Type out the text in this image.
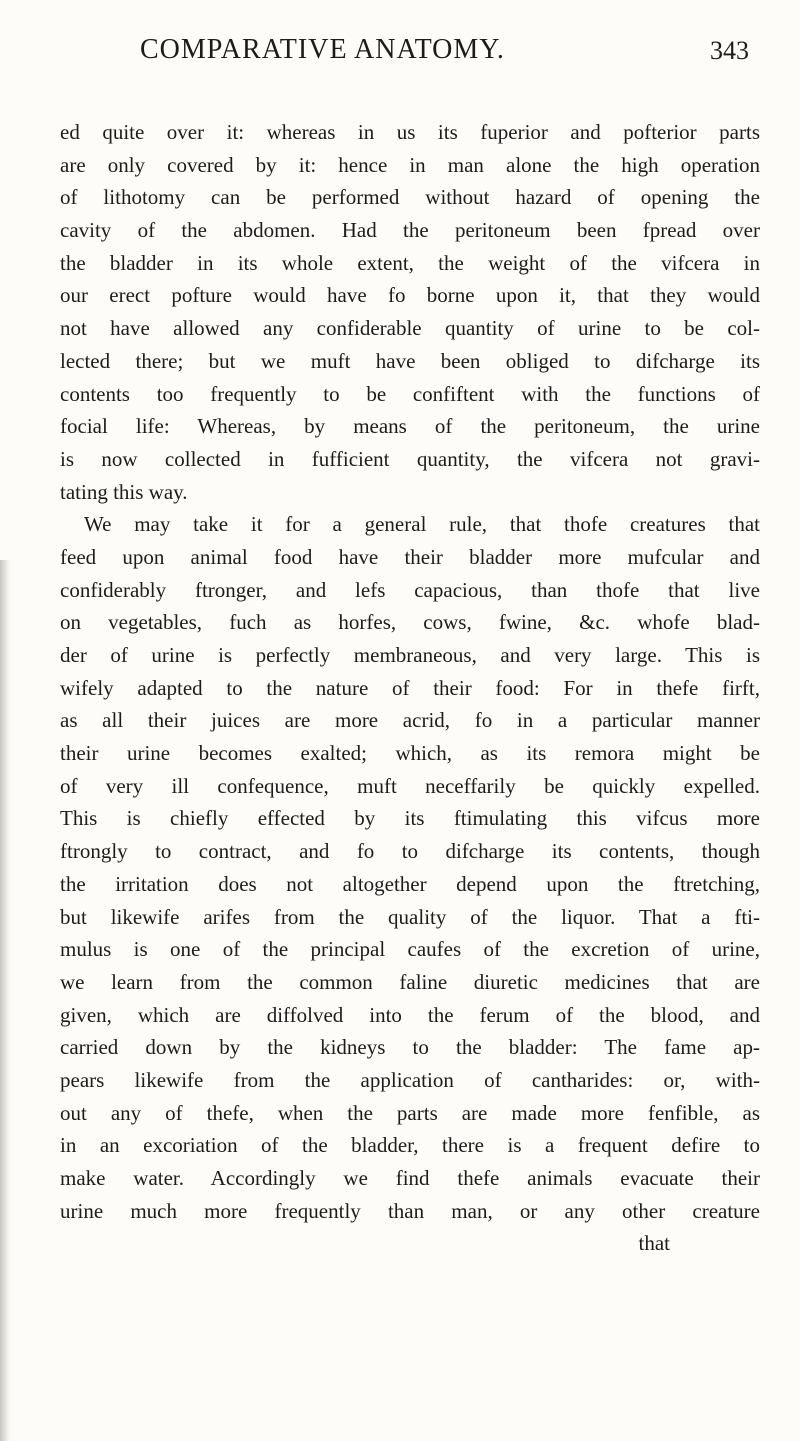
COMPARATIVE ANATOMY.	343
ed quite over it: whereas in us its fuperior and pofterior parts
are only covered by it: hence in man alone the high operation
of lithotomy can be performed without hazard of opening the
cavity of the abdomen. Had the peritoneum been fpread over
the bladder in its whole extent, the weight of the vifcera in
our erect pofture would have fo borne upon it, that they would
not have allowed any confiderable quantity of urine to be col-
lected there; but we muft have been obliged to difcharge its
contents too frequently to be confiftent with the functions of
focial life: Whereas, by means of the peritoneum, the urine
is now collected in fufficient quantity, the vifcera not gravi-
tating this way.
We may take it for a general rule, that thofe creatures that
feed upon animal food have their bladder more mufcular and
confiderably ftronger, and lefs capacious, than thofe that live
on vegetables, fuch as horfes, cows, fwine, &c. whofe blad-
der of urine is perfectly membraneous, and very large. This is
wifely adapted to the nature of their food: For in thefe firft,
as all their juices are more acrid, fo in a particular manner
their urine becomes exalted; which, as its remora might be
of very ill confequence, muft neceffarily be quickly expelled.
This is chiefly effected by its ftimulating this vifcus more
ftrongly to contract, and fo to difcharge its contents, though
the irritation does not altogether depend upon the ftretching,
but likewife arifes from the quality of the liquor. That a fti-
mulus is one of the principal caufes of the excretion of urine,
we learn from the common faline diuretic medicines that are
given, which are diffolved into the ferum of the blood, and
carried down by the kidneys to the bladder: The fame ap-
pears likewife from the application of cantharides: or, with-
out any of thefe, when the parts are made more fenfible, as
in an excoriation of the bladder, there is a frequent defire to
make water. Accordingly we find thefe animals evacuate their
urine much more frequently than man, or any other creature
that
